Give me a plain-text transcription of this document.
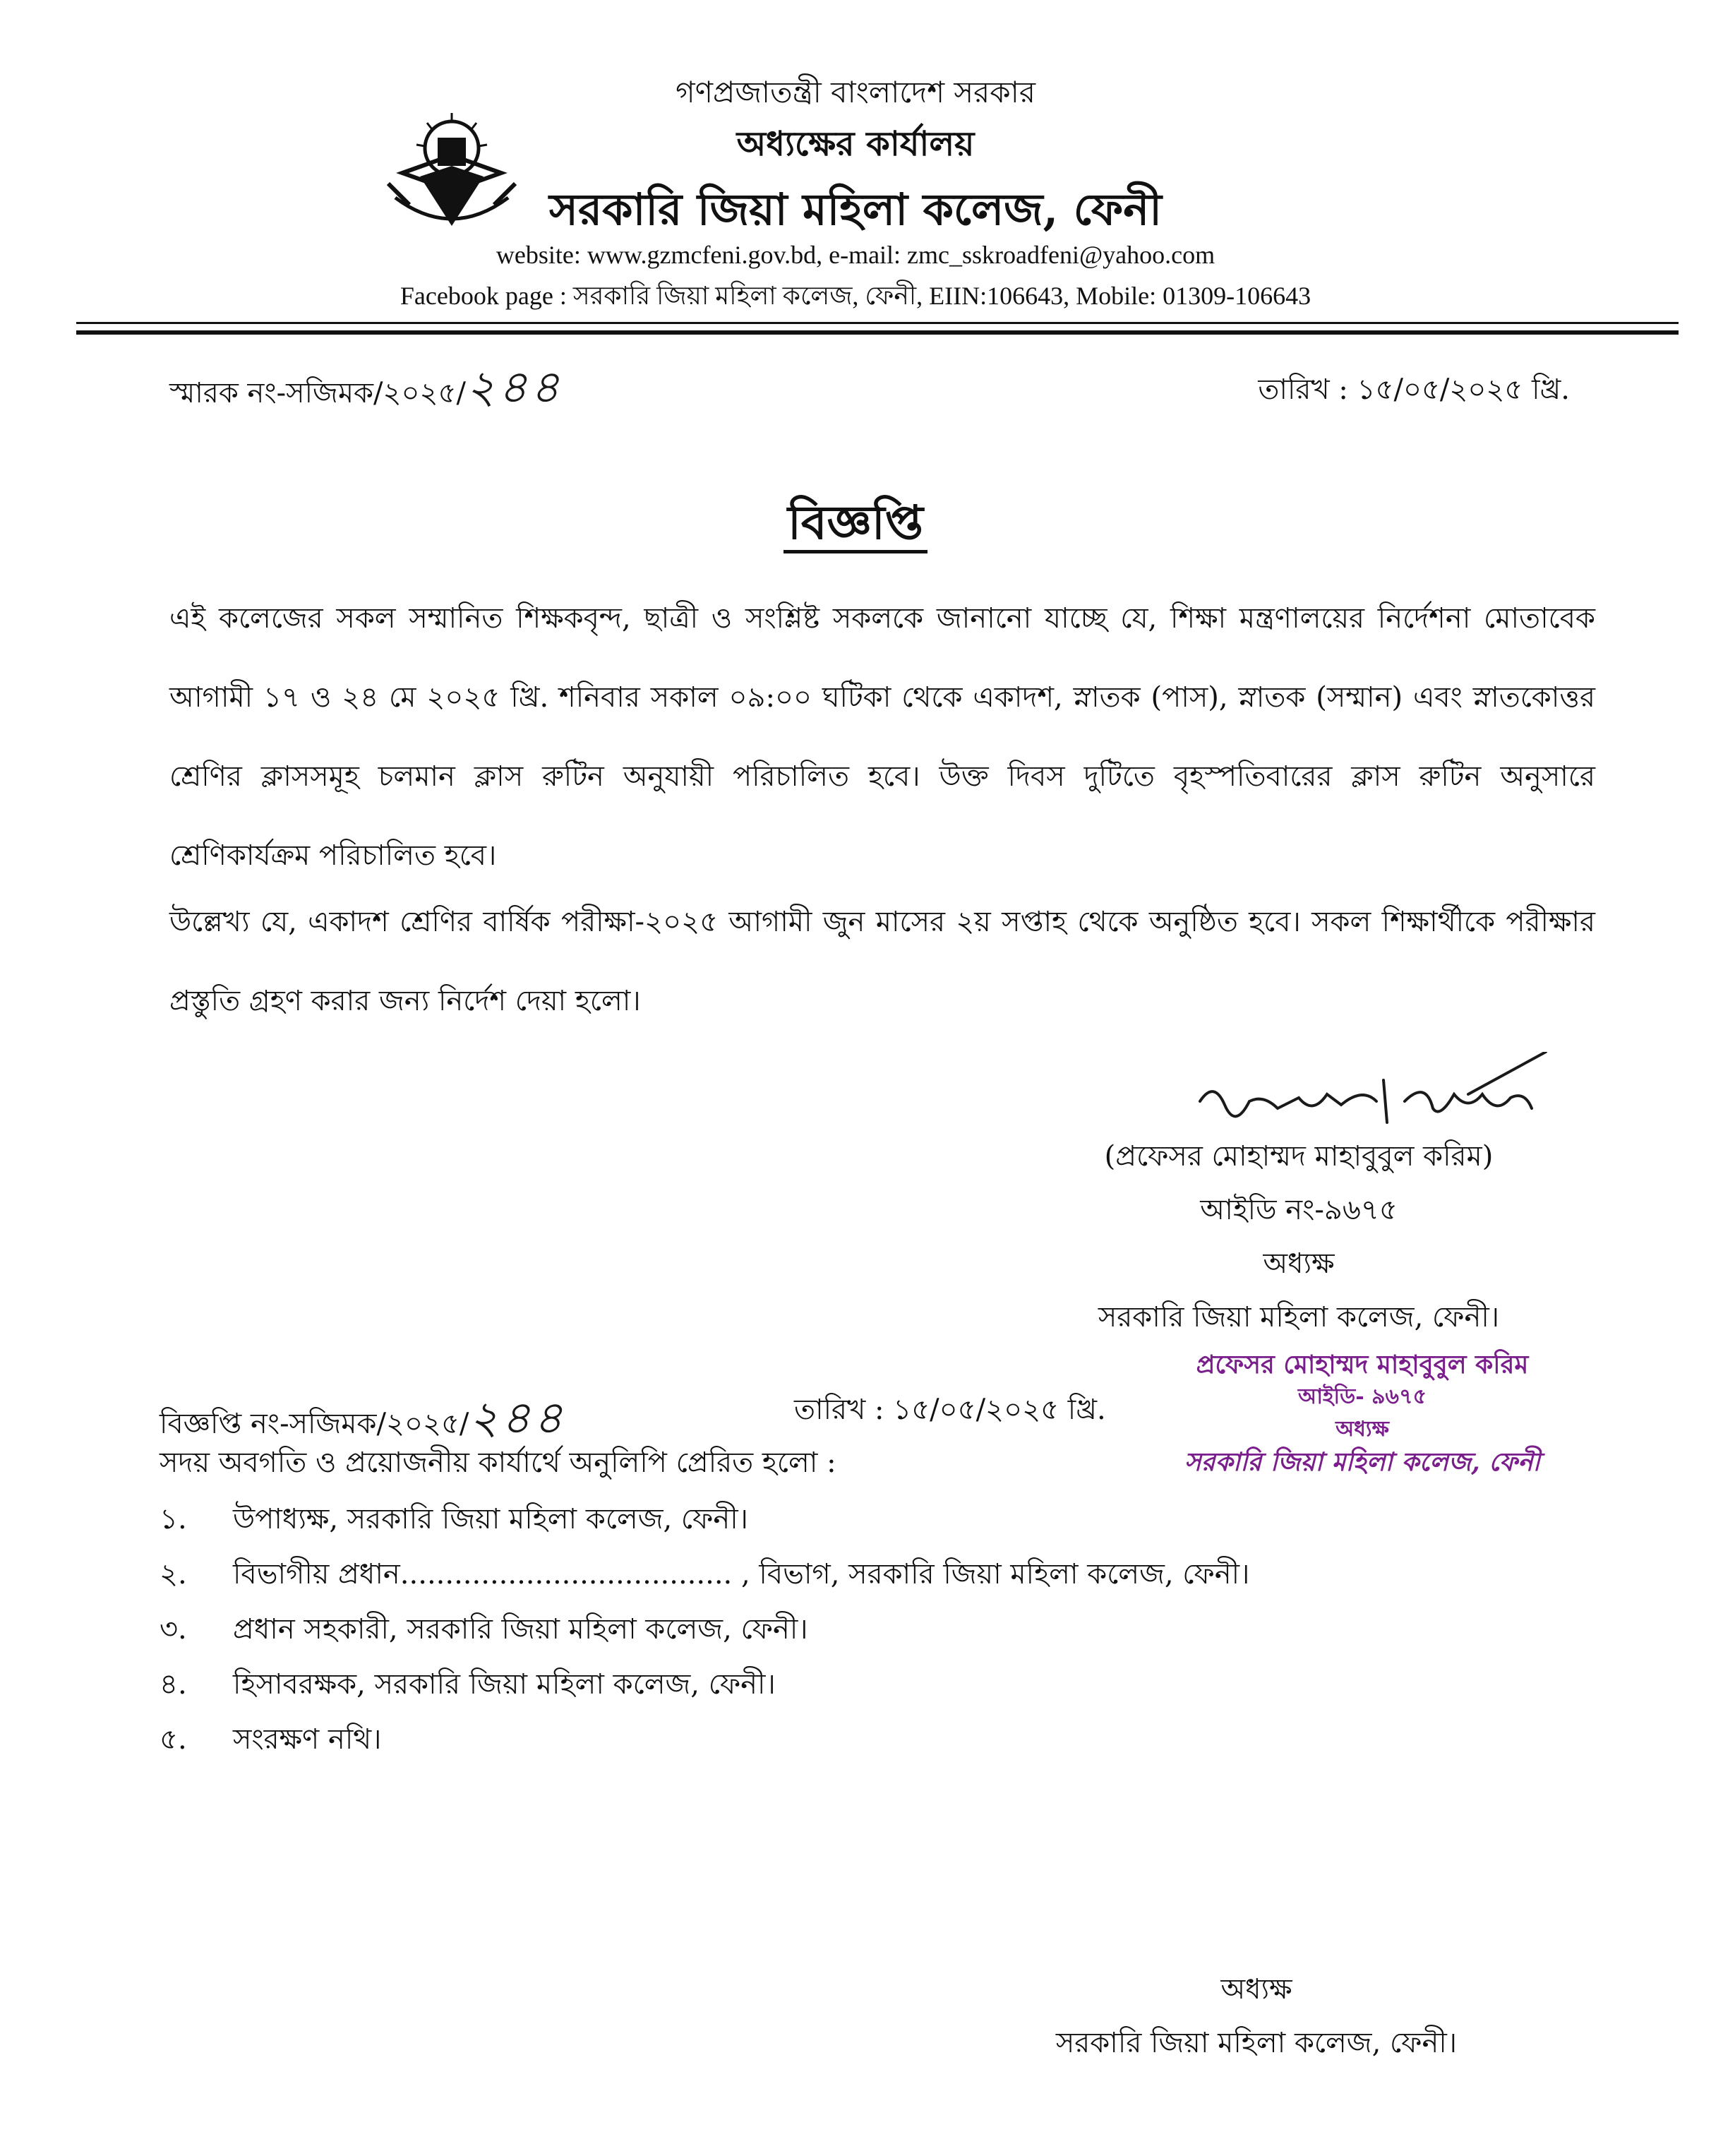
গণপ্রজাতন্ত্রী বাংলাদেশ সরকার
অধ্যক্ষের কার্যালয়
সরকারি জিয়া মহিলা কলেজ, ফেনী
website: www.gzmcfeni.gov.bd, e-mail: zmc_sskroadfeni@yahoo.com
Facebook page : সরকারি জিয়া মহিলা কলেজ, ফেনী, EIIN:106643, Mobile: 01309-106643
স্মারক নং-সজিমক/২০২৫/২৪৪	তারিখ : ১৫/০৫/২০২৫ খ্রি.
বিজ্ঞপ্তি
এই কলেজের সকল সম্মানিত শিক্ষকবৃন্দ, ছাত্রী ও সংশ্লিষ্ট সকলকে জানানো যাচ্ছে যে, শিক্ষা মন্ত্রণালয়ের নির্দেশনা মোতাবেক আগামী ১৭ ও ২৪ মে ২০২৫ খ্রি. শনিবার সকাল ০৯:০০ ঘটিকা থেকে একাদশ, স্নাতক (পাস), স্নাতক (সম্মান) এবং স্নাতকোত্তর শ্রেণির ক্লাসসমূহ চলমান ক্লাস রুটিন অনুযায়ী পরিচালিত হবে। উক্ত দিবস দুটিতে বৃহস্পতিবারের ক্লাস রুটিন অনুসারে শ্রেণিকার্যক্রম পরিচালিত হবে।
উল্লেখ্য যে, একাদশ শ্রেণির বার্ষিক পরীক্ষা-২০২৫ আগামী জুন মাসের ২য় সপ্তাহ থেকে অনুষ্ঠিত হবে। সকল শিক্ষার্থীকে পরীক্ষার প্রস্তুতি গ্রহণ করার জন্য নির্দেশ দেয়া হলো।
(প্রফেসর মোহাম্মদ মাহাবুবুল করিম)
আইডি নং-৯৬৭৫
অধ্যক্ষ
সরকারি জিয়া মহিলা কলেজ, ফেনী।
প্রফেসর মোহাম্মদ মাহাবুবুল করিম
আইডি- ৯৬৭৫
অধ্যক্ষ
সরকারি জিয়া মহিলা কলেজ, ফেনী
বিজ্ঞপ্তি নং-সজিমক/২০২৫/২৪৪	তারিখ : ১৫/০৫/২০২৫ খ্রি.
সদয় অবগতি ও প্রয়োজনীয় কার্যার্থে অনুলিপি প্রেরিত হলো :
১. উপাধ্যক্ষ, সরকারি জিয়া মহিলা কলেজ, ফেনী।
২. বিভাগীয় প্রধান..................................... , বিভাগ, সরকারি জিয়া মহিলা কলেজ, ফেনী।
৩. প্রধান সহকারী, সরকারি জিয়া মহিলা কলেজ, ফেনী।
৪. হিসাবরক্ষক, সরকারি জিয়া মহিলা কলেজ, ফেনী।
৫. সংরক্ষণ নথি।
অধ্যক্ষ
সরকারি জিয়া মহিলা কলেজ, ফেনী।
